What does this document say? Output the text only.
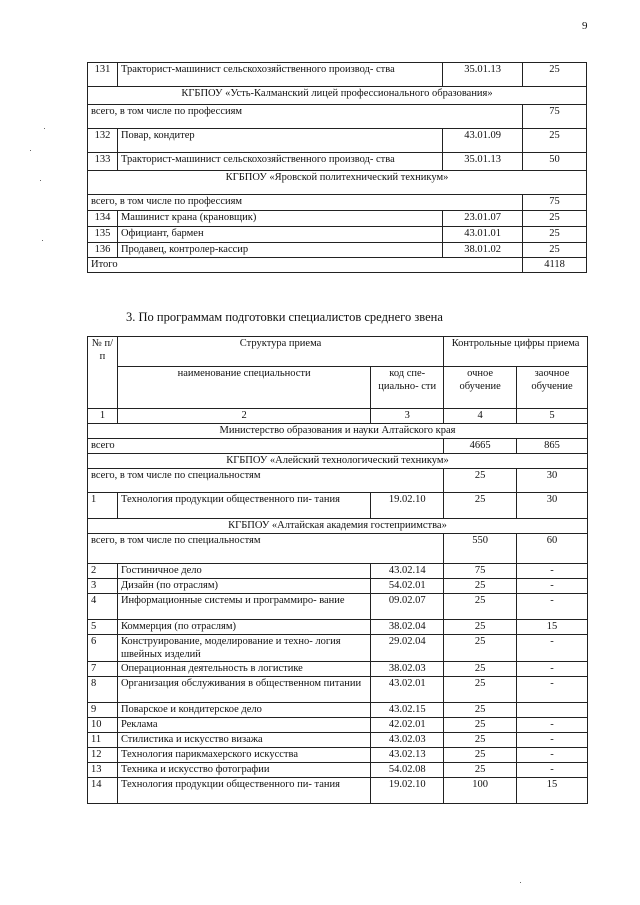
9
131	Тракторист-машинист сельскохозяйственного производ- ства	35.01.13	25
КГБПОУ «Усть-Калманский лицей профессионального образования»			
всего, в том числе по профессиям			75
132	Повар, кондитер	43.01.09	25
133	Тракторист-машинист сельскохозяйственного производ- ства	35.01.13	50
КГБПОУ «Яровской политехнический техникум»			
всего, в том числе по профессиям			75
134	Машинист крана (крановщик)	23.01.07	25
135	Официант, бармен	43.01.01	25
136	Продавец, контролер-кассир	38.01.02	25
Итого			4118
3. По программам подготовки специалистов среднего звена
№ п/п	Структура приема		Контрольные цифры приема	
	наименование специальности	код спе- циально- сти	очное обучение	заочное обучение
1	2	3	4	5
Министерство образования и науки Алтайского края				
всего			4665	865
КГБПОУ «Алейский технологический техникум»				
всего, в том числе по специальностям			25	30
1	Технология продукции общественного пи- тания	19.02.10	25	30
КГБПОУ «Алтайская академия гостеприимства»				
всего, в том числе по специальностям			550	60
2	Гостиничное дело	43.02.14	75	-
3	Дизайн (по отраслям)	54.02.01	25	-
4	Информационные системы и программиро- вание	09.02.07	25	-
5	Коммерция (по отраслям)	38.02.04	25	15
6	Конструирование, моделирование и техно- логия швейных изделий	29.02.04	25	-
7	Операционная деятельность в логистике	38.02.03	25	-
8	Организация обслуживания в общественном питании	43.02.01	25	-
9	Поварское и кондитерское дело	43.02.15	25	
10	Реклама	42.02.01	25	-
11	Стилистика и искусство визажа	43.02.03	25	-
12	Технология парикмахерского искусства	43.02.13	25	-
13	Техника и искусство фотографии	54.02.08	25	-
14	Технология продукции общественного пи- тания	19.02.10	100	15
